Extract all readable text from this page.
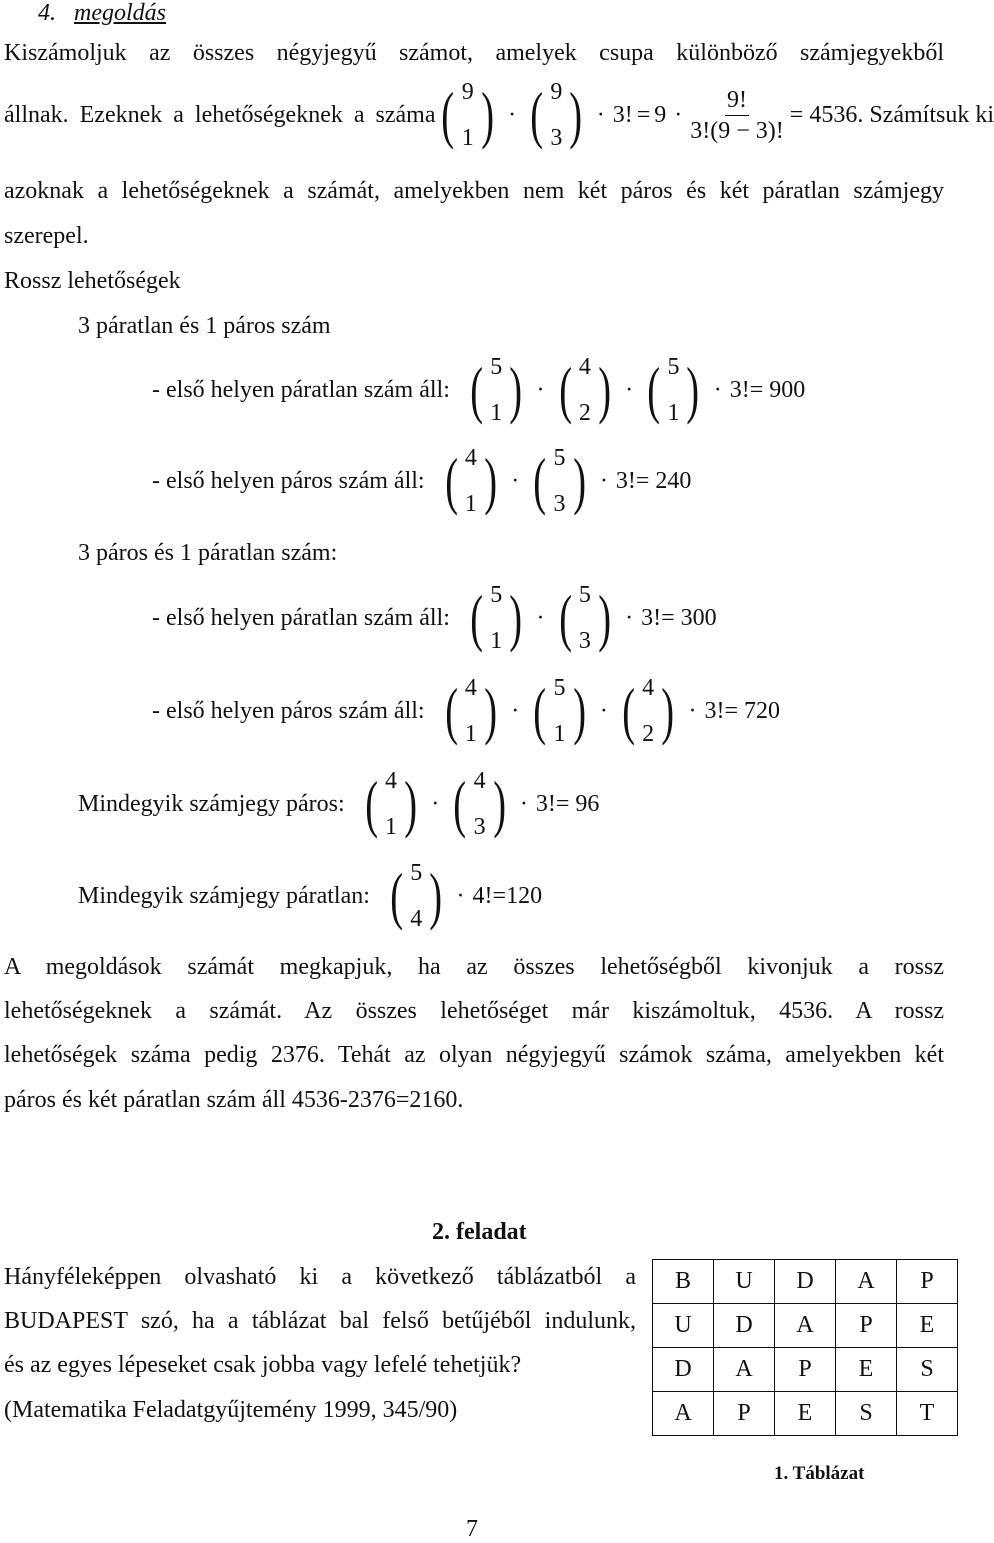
4. megoldás
Kiszámoljuk az összes négyjegyű számot, amelyek csupa különböző számjegyekből
állnak. Ezeknek a lehetőségeknek a száma ( 9
1 ) · ( 9
3 ) · 3! = $9 \cdot \frac{9!}{3!(9 - 3)!} = 4536$ . Számítsuk ki
azoknak a lehetőségeknek a számát, amelyekben nem két páros és két páratlan számjegy
szerepel.
Rossz lehetőségek
3 páratlan és 1 páros szám
- első helyen páratlan szám áll: ( 5
1 ) · ( 4
2 ) · ( 5
1 ) · 3!= 900
- első helyen páros szám áll: ( 4
1 ) · ( 5
3 ) · 3!= 240
3 páros és 1 páratlan szám:
- első helyen páratlan szám áll: ( 5
1 ) · ( 5
3 ) · 3!= 300
- első helyen páros szám áll: ( 4
1 ) · ( 5
1 ) · ( 4
2 ) · 3!= 720
Mindegyik számjegy páros: ( 4
1 ) · ( 4
3 ) · 3!= 96
Mindegyik számjegy páratlan: ( 5
4 ) · 4!=120
A megoldások számát megkapjuk, ha az összes lehetőségből kivonjuk a rossz
lehetőségeknek a számát. Az összes lehetőséget már kiszámoltuk, 4536. A rossz
lehetőségek száma pedig 2376. Tehát az olyan négyjegyű számok száma, amelyekben két
páros és két páratlan szám áll 4536-2376=2160.
2. feladat
Hányféleképpen olvasható ki a következő táblázatból a
BUDAPEST szó, ha a táblázat bal felső betűjéből indulunk,
és az egyes lépeseket csak jobba vagy lefelé tehetjük?
(Matematika Feladatgyűjtemény 1999, 345/90)
B	U	D	A	P
U	D	A	P	E
D	A	P	E	S
A	P	E	S	T
1. Táblázat
7
